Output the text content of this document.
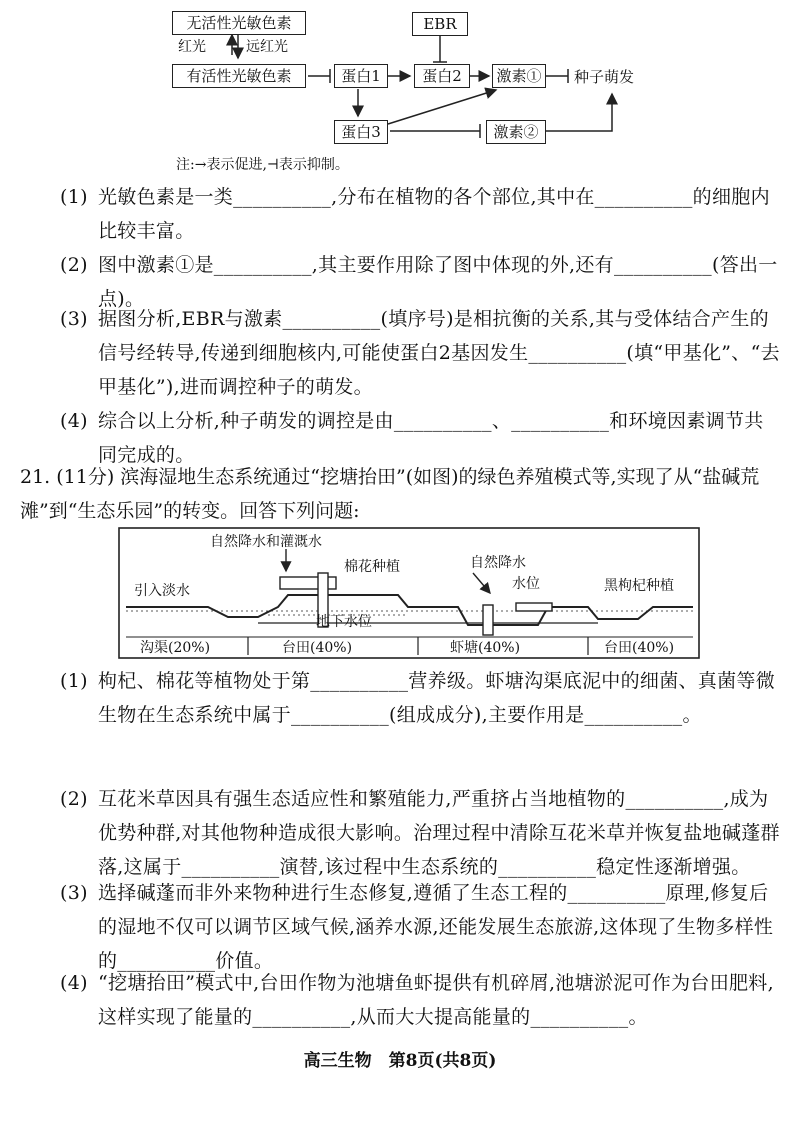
无活性光敏色素
红光	远红光
有活性光敏色素	蛋白1
EBR
蛋白2	激素①	种子萌发
蛋白3	激素②
注:→表示促进,⊣表示抑制。
(1) 光敏色素是一类__________,分布在植物的各个部位,其中在__________的细胞内比较丰富。
(2) 图中激素①是__________,其主要作用除了图中体现的外,还有__________(答出一点)。
(3) 据图分析,EBR与激素__________(填序号)是相抗衡的关系,其与受体结合产生的信号经转导,传递到细胞核内,可能使蛋白2基因发生__________(填“甲基化”、“去甲基化”),进而调控种子的萌发。
(4) 综合以上分析,种子萌发的调控是由__________、__________和环境因素调节共同完成的。
21. (11分) 滨海湿地生态系统通过“挖塘抬田”(如图)的绿色养殖模式等,实现了从“盐碱荒滩”到“生态乐园”的转变。回答下列问题:
自然降水和灌溉水
棉花种植	自然降水
水位
引入淡水	黑枸杞种植
地下水位
沟渠(20%)	台田(40%)	虾塘(40%)	台田(40%)
(1) 枸杞、棉花等植物处于第__________营养级。虾塘沟渠底泥中的细菌、真菌等微生物在生态系统中属于__________(组成成分),主要作用是__________。
(2) 互花米草因具有强生态适应性和繁殖能力,严重挤占当地植物的__________,成为优势种群,对其他物种造成很大影响。治理过程中清除互花米草并恢复盐地碱蓬群落,这属于__________演替,该过程中生态系统的__________稳定性逐渐增强。
(3) 选择碱蓬而非外来物种进行生态修复,遵循了生态工程的__________原理,修复后的湿地不仅可以调节区域气候,涵养水源,还能发展生态旅游,这体现了生物多样性的__________价值。
(4) “挖塘抬田”模式中,台田作物为池塘鱼虾提供有机碎屑,池塘淤泥可作为台田肥料,这样实现了能量的__________,从而大大提高能量的__________。
高三生物　第8页(共8页)
